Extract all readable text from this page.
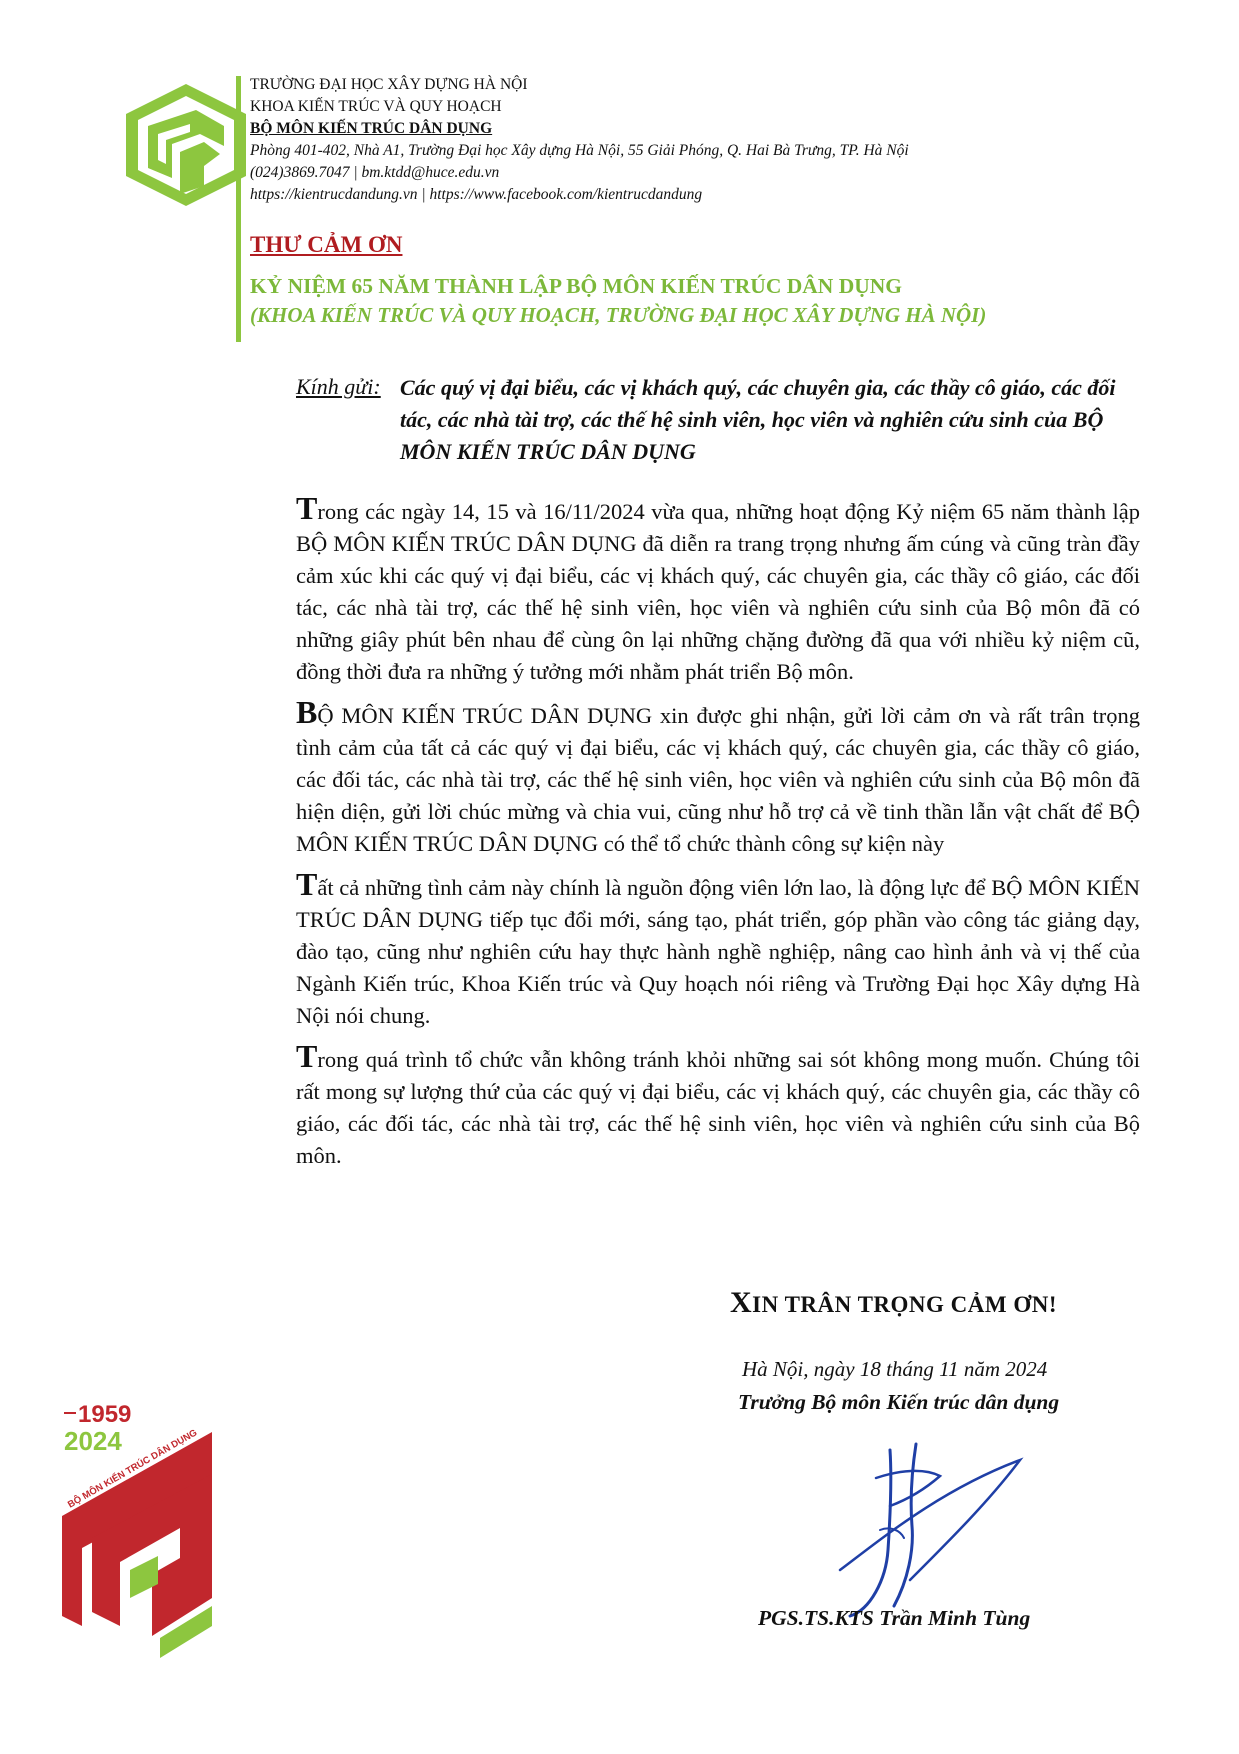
TRƯỜNG ĐẠI HỌC XÂY DỰNG HÀ NỘI
KHOA KIẾN TRÚC VÀ QUY HOẠCH
BỘ MÔN KIẾN TRÚC DÂN DỤNG
Phòng 401-402, Nhà A1, Trường Đại học Xây dựng Hà Nội, 55 Giải Phóng, Q. Hai Bà Trưng, TP. Hà Nội
(024)3869.7047 | bm.ktdd@huce.edu.vn
https://kientrucdandung.vn | https://www.facebook.com/kientrucdandung
THƯ CẢM ƠN
KỶ NIỆM 65 NĂM THÀNH LẬP BỘ MÔN KIẾN TRÚC DÂN DỤNG
(KHOA KIẾN TRÚC VÀ QUY HOẠCH, TRƯỜNG ĐẠI HỌC XÂY DỰNG HÀ NỘI)
Kính gửi: Các quý vị đại biểu, các vị khách quý, các chuyên gia, các thầy cô giáo, các đối tác, các nhà tài trợ, các thế hệ sinh viên, học viên và nghiên cứu sinh của BỘ MÔN KIẾN TRÚC DÂN DỤNG

Trong các ngày 14, 15 và 16/11/2024 vừa qua, những hoạt động Kỷ niệm 65 năm thành lập BỘ MÔN KIẾN TRÚC DÂN DỤNG đã diễn ra trang trọng nhưng ấm cúng và cũng tràn đầy cảm xúc khi các quý vị đại biểu, các vị khách quý, các chuyên gia, các thầy cô giáo, các đối tác, các nhà tài trợ, các thế hệ sinh viên, học viên và nghiên cứu sinh của Bộ môn đã có những giây phút bên nhau để cùng ôn lại những chặng đường đã qua với nhiều kỷ niệm cũ, đồng thời đưa ra những ý tưởng mới nhằm phát triển Bộ môn.

BỘ MÔN KIẾN TRÚC DÂN DỤNG xin được ghi nhận, gửi lời cảm ơn và rất trân trọng tình cảm của tất cả các quý vị đại biểu, các vị khách quý, các chuyên gia, các thầy cô giáo, các đối tác, các nhà tài trợ, các thế hệ sinh viên, học viên và nghiên cứu sinh của Bộ môn đã hiện diện, gửi lời chúc mừng và chia vui, cũng như hỗ trợ cả về tinh thần lẫn vật chất để BỘ MÔN KIẾN TRÚC DÂN DỤNG có thể tổ chức thành công sự kiện này

Tất cả những tình cảm này chính là nguồn động viên lớn lao, là động lực để BỘ MÔN KIẾN TRÚC DÂN DỤNG tiếp tục đổi mới, sáng tạo, phát triển, góp phần vào công tác giảng dạy, đào tạo, cũng như nghiên cứu hay thực hành nghề nghiệp, nâng cao hình ảnh và vị thế của Ngành Kiến trúc, Khoa Kiến trúc và Quy hoạch nói riêng và Trường Đại học Xây dựng Hà Nội nói chung.

Trong quá trình tổ chức vẫn không tránh khỏi những sai sót không mong muốn. Chúng tôi rất mong sự lượng thứ của các quý vị đại biểu, các vị khách quý, các chuyên gia, các thầy cô giáo, các đối tác, các nhà tài trợ, các thế hệ sinh viên, học viên và nghiên cứu sinh của Bộ môn.

XIN TRÂN TRỌNG CẢM ƠN!
Hà Nội, ngày 18 tháng 11 năm 2024
Trưởng Bộ môn Kiến trúc dân dụng
PGS.TS.KTS Trần Minh Tùng
1959
2024
BỘ MÔN KIẾN TRÚC DÂN DỤNG
